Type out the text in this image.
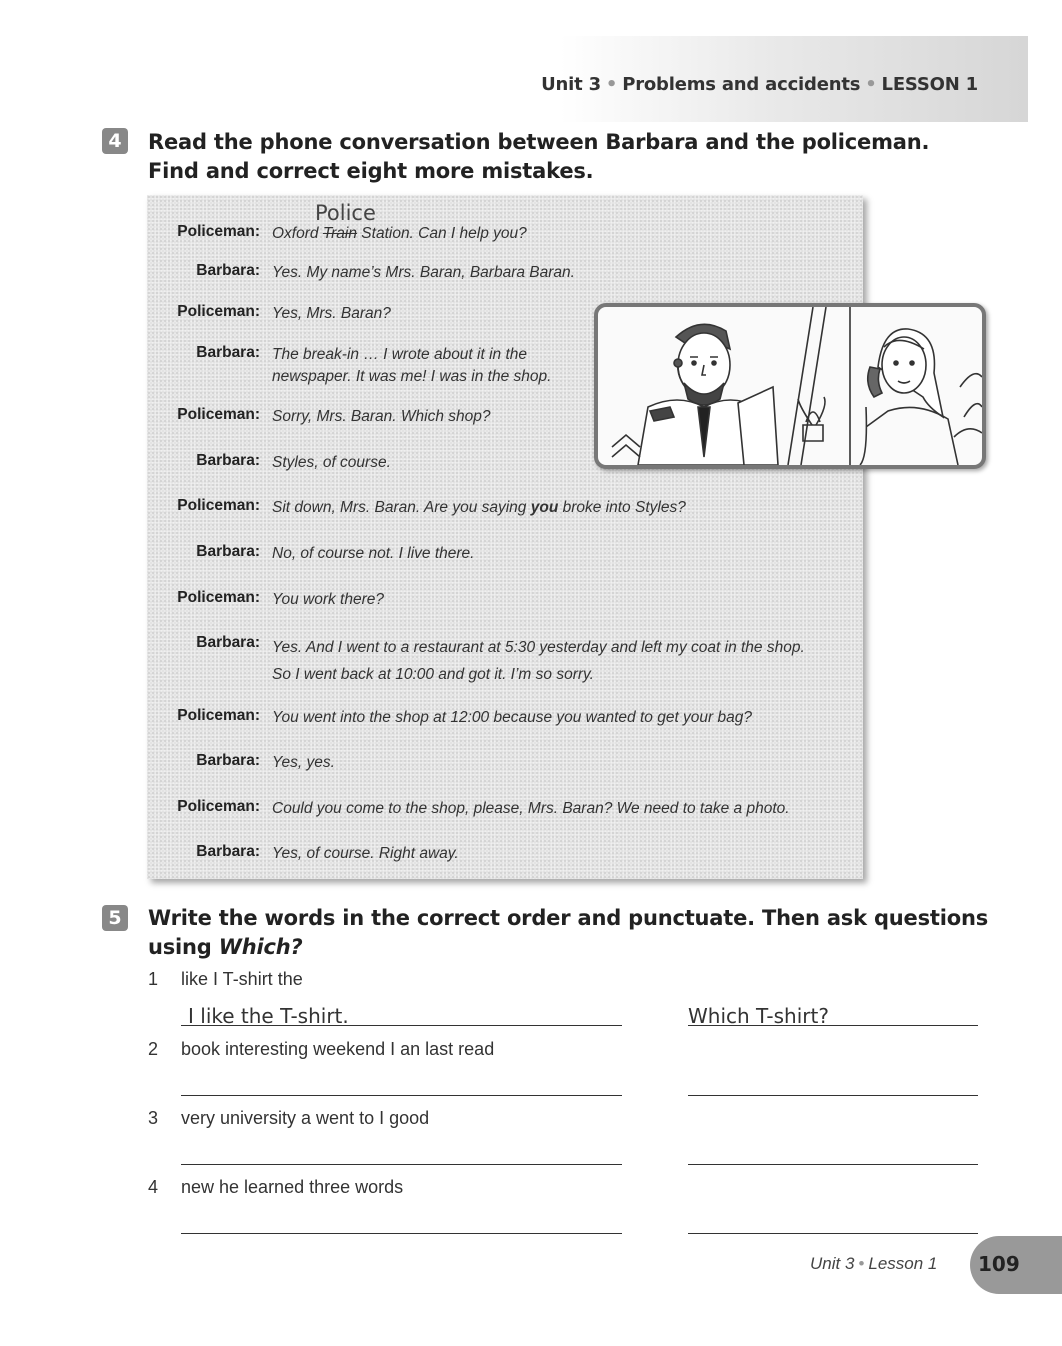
Unit 3 • Problems and accidents • LESSON 1
4	Read the phone conversation between Barbara and the policeman.
Find and correct eight more mistakes.
Police
Policeman: Oxford Train Station. Can I help you?
Barbara: Yes. My name’s Mrs. Baran, Barbara Baran.
Policeman: Yes, Mrs. Baran?
Barbara: The break-in … I wrote about it in the
newspaper. It was me! I was in the shop.
Policeman: Sorry, Mrs. Baran. Which shop?
Barbara: Styles, of course.
Policeman: Sit down, Mrs. Baran. Are you saying you broke into Styles?
Barbara: No, of course not. I live there.
Policeman: You work there?
Barbara: Yes. And I went to a restaurant at 5:30 yesterday and left my coat in the shop.
So I went back at 10:00 and got it. I’m so sorry.
Policeman: You went into the shop at 12:00 because you wanted to get your bag?
Barbara: Yes, yes.
Policeman: Could you come to the shop, please, Mrs. Baran? We need to take a photo.
Barbara: Yes, of course. Right away.
5	Write the words in the correct order and punctuate. Then ask questions
using Which?
1 like I T-shirt the
I like the T-shirt.	Which T-shirt?
2 book interesting weekend I an last read
3 very university a went to I good
4 new he learned three words
Unit 3 • Lesson 1 109
